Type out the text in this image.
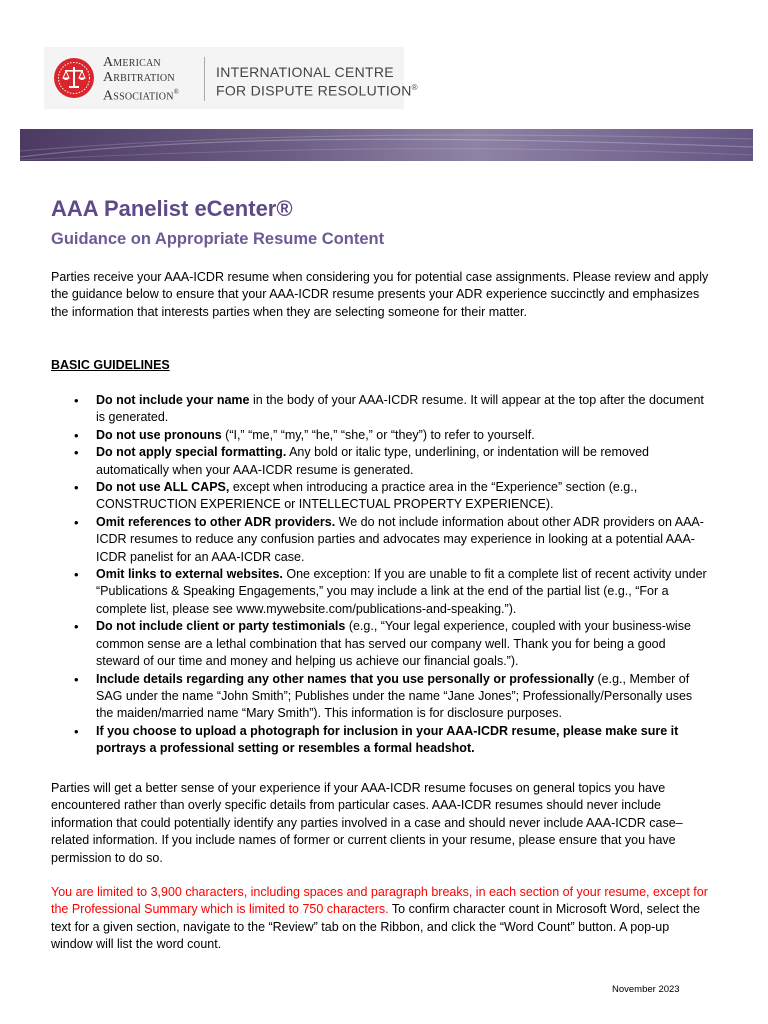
American
Arbitration
Association®
INTERNATIONAL CENTRE
FOR DISPUTE RESOLUTION®
AAA Panelist eCenter®
Guidance on Appropriate Resume Content

Parties receive your AAA-ICDR resume when considering you for potential case assignments. Please review and apply the guidance below to ensure that your AAA-ICDR resume presents your ADR experience succinctly and emphasizes the information that interests parties when they are selecting someone for their matter.

BASIC GUIDELINES
• Do not include your name in the body of your AAA-ICDR resume. It will appear at the top after the document is generated.
• Do not use pronouns (“I,” “me,” “my,” “he,” “she,” or “they”) to refer to yourself.
• Do not apply special formatting. Any bold or italic type, underlining, or indentation will be removed automatically when your AAA-ICDR resume is generated.
• Do not use ALL CAPS, except when introducing a practice area in the “Experience” section (e.g., CONSTRUCTION EXPERIENCE or INTELLECTUAL PROPERTY EXPERIENCE).
• Omit references to other ADR providers. We do not include information about other ADR providers on AAA-ICDR resumes to reduce any confusion parties and advocates may experience in looking at a potential AAA-ICDR panelist for an AAA-ICDR case.
• Omit links to external websites. One exception: If you are unable to fit a complete list of recent activity under “Publications & Speaking Engagements,” you may include a link at the end of the partial list (e.g., “For a complete list, please see www.mywebsite.com/publications-and-speaking.”).
• Do not include client or party testimonials (e.g., “Your legal experience, coupled with your business-wise common sense are a lethal combination that has served our company well. Thank you for being a good steward of our time and money and helping us achieve our financial goals.”).
• Include details regarding any other names that you use personally or professionally (e.g., Member of SAG under the name “John Smith”; Publishes under the name “Jane Jones”; Professionally/Personally uses the maiden/married name “Mary Smith”). This information is for disclosure purposes.
• If you choose to upload a photograph for inclusion in your AAA-ICDR resume, please make sure it portrays a professional setting or resembles a formal headshot.

Parties will get a better sense of your experience if your AAA-ICDR resume focuses on general topics you have encountered rather than overly specific details from particular cases. AAA-ICDR resumes should never include information that could potentially identify any parties involved in a case and should never include AAA-ICDR case–related information. If you include names of former or current clients in your resume, please ensure that you have permission to do so.

You are limited to 3,900 characters, including spaces and paragraph breaks, in each section of your resume, except for the Professional Summary which is limited to 750 characters. To confirm character count in Microsoft Word, select the text for a given section, navigate to the “Review” tab on the Ribbon, and click the “Word Count” button. A pop-up window will list the word count.

November 2023
